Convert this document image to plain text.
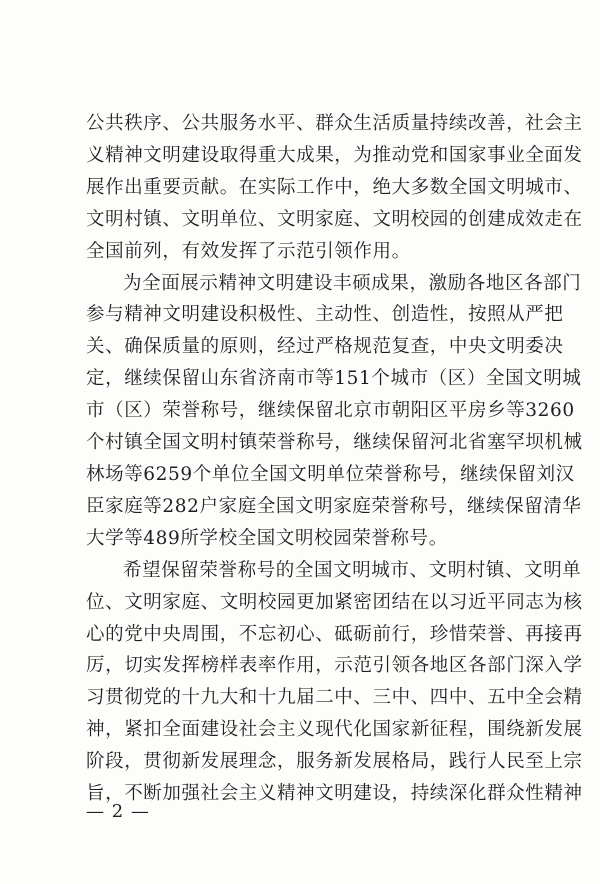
公共秩序、公共服务水平、群众生活质量持续改善，社会主
义精神文明建设取得重大成果，为推动党和国家事业全面发
展作出重要贡献。在实际工作中，绝大多数全国文明城市、
文明村镇、文明单位、文明家庭、文明校园的创建成效走在
全国前列，有效发挥了示范引领作用。

为全面展示精神文明建设丰硕成果，激励各地区各部门
参与精神文明建设积极性、主动性、创造性，按照从严把
关、确保质量的原则，经过严格规范复查，中央文明委决
定，继续保留山东省济南市等151个城市（区）全国文明城
市（区）荣誉称号，继续保留北京市朝阳区平房乡等3260
个村镇全国文明村镇荣誉称号，继续保留河北省塞罕坝机械
林场等6259个单位全国文明单位荣誉称号，继续保留刘汉
臣家庭等282户家庭全国文明家庭荣誉称号，继续保留清华
大学等489所学校全国文明校园荣誉称号。

希望保留荣誉称号的全国文明城市、文明村镇、文明单
位、文明家庭、文明校园更加紧密团结在以习近平同志为核
心的党中央周围，不忘初心、砥砺前行，珍惜荣誉、再接再
厉，切实发挥榜样表率作用，示范引领各地区各部门深入学
习贯彻党的十九大和十九届二中、三中、四中、五中全会精
神，紧扣全面建设社会主义现代化国家新征程，围绕新发展
阶段，贯彻新发展理念，服务新发展格局，践行人民至上宗
旨，不断加强社会主义精神文明建设，持续深化群众性精神

— 2 —
